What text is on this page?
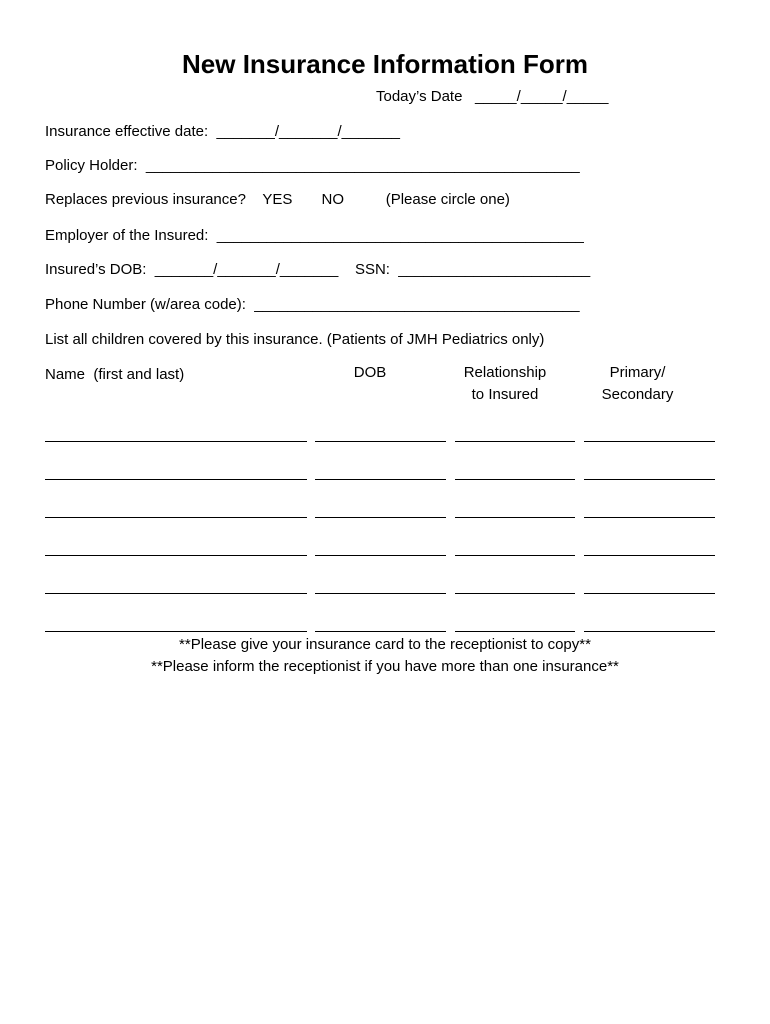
New Insurance Information Form
Today’s Date   _____/_____/_____
Insurance effective date:  _______/_______/_______
Policy Holder:  ____________________________________________________
Replaces previous insurance?    YES       NO          (Please circle one)
Employer of the Insured:  ____________________________________________
Insured’s DOB:  _______/_______/_______    SSN:  _______________________
Phone Number (w/area code):  _______________________________________
List all children covered by this insurance. (Patients of JMH Pediatrics only)
Name  (first and last)	DOB	Relationship
to Insured
Primary/
Secondary
**Please give your insurance card to the receptionist to copy**
**Please inform the receptionist if you have more than one insurance**
